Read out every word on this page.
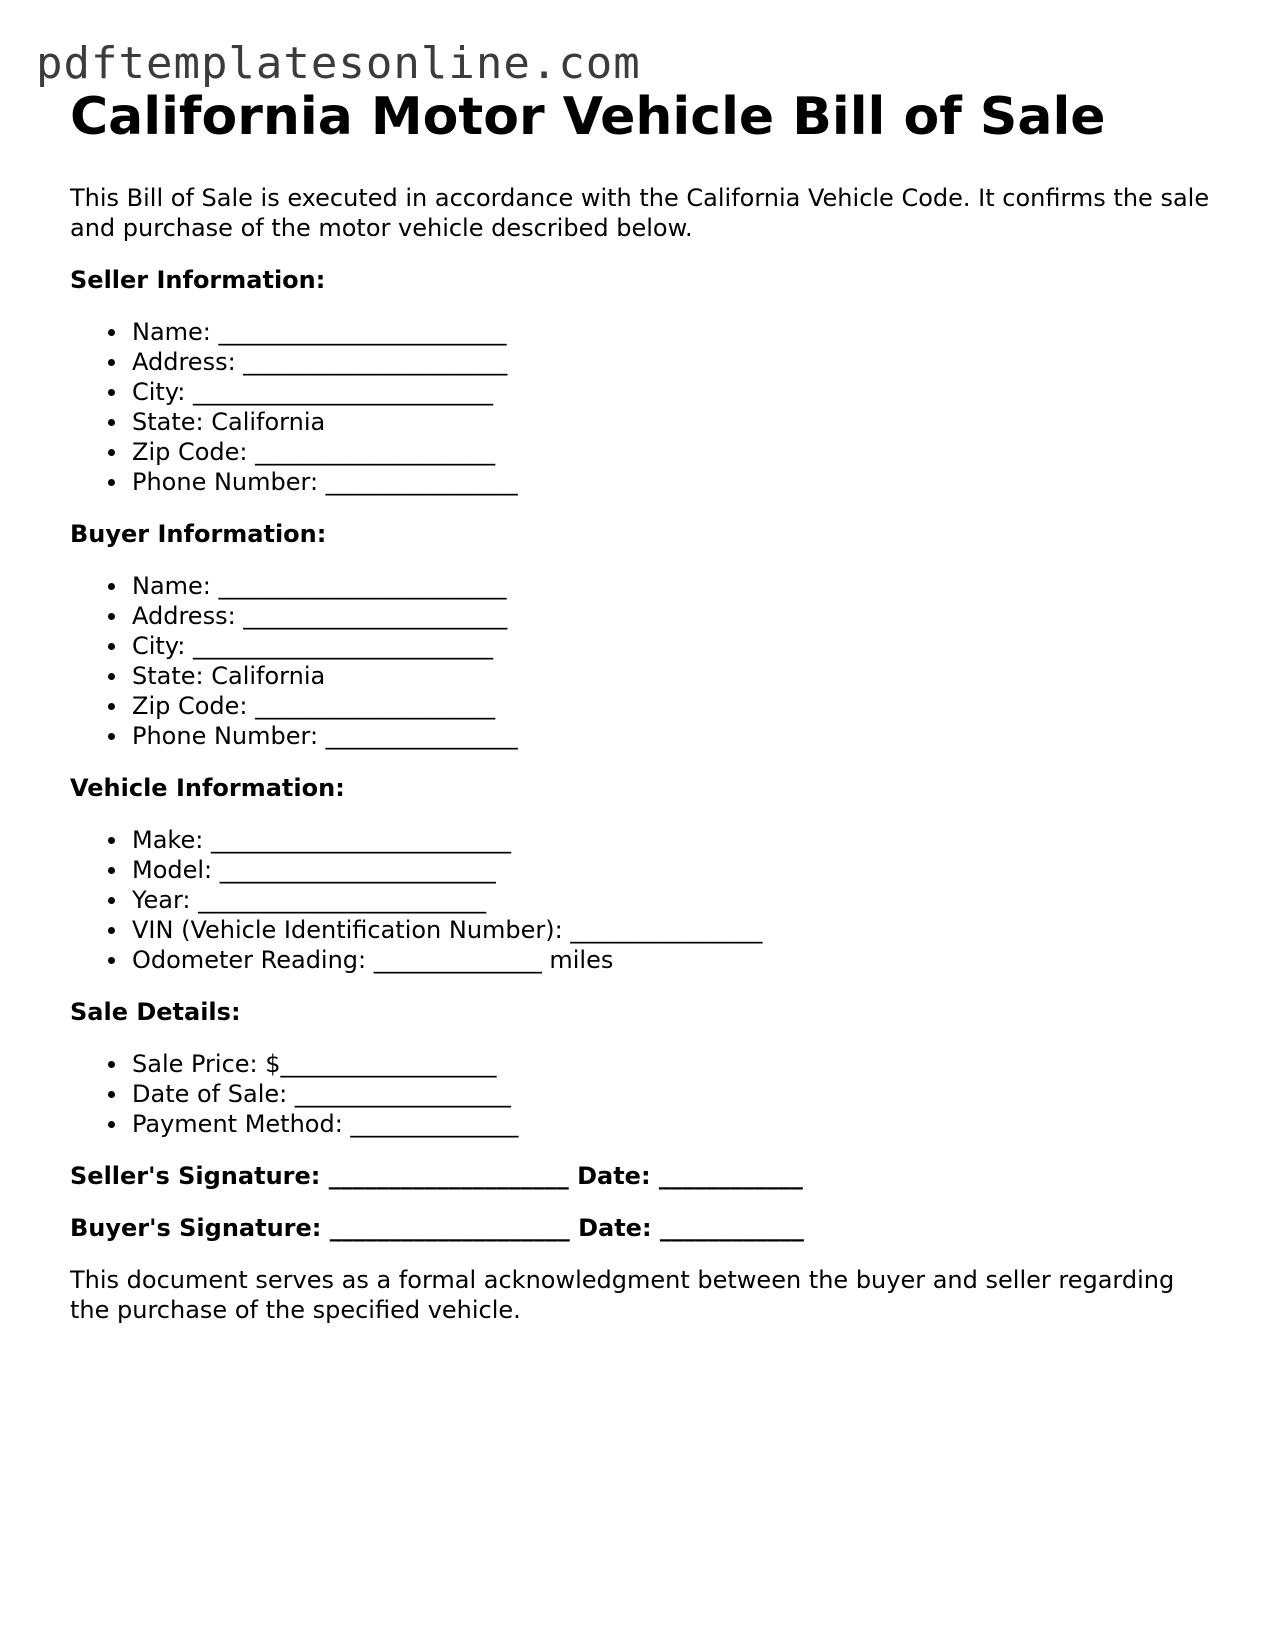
pdftemplatesonline.com
California Motor Vehicle Bill of Sale

This Bill of Sale is executed in accordance with the California Vehicle Code. It confirms the sale and purchase of the motor vehicle described below.

Seller Information:
Name: ________________________
Address: ______________________
City: _________________________
State: California
Zip Code: ____________________
Phone Number: ________________
Buyer Information:
Name: ________________________
Address: ______________________
City: _________________________
State: California
Zip Code: ____________________
Phone Number: ________________
Vehicle Information:
Make: _________________________
Model: _______________________
Year: ________________________
VIN (Vehicle Identification Number): ________________
Odometer Reading: ______________ miles
Sale Details:
Sale Price: $__________________
Date of Sale: __________________
Payment Method: ______________
Seller's Signature: ____________________ Date: ____________
Buyer's Signature: ____________________ Date: ____________

This document serves as a formal acknowledgment between the buyer and seller regarding the purchase of the specified vehicle.
